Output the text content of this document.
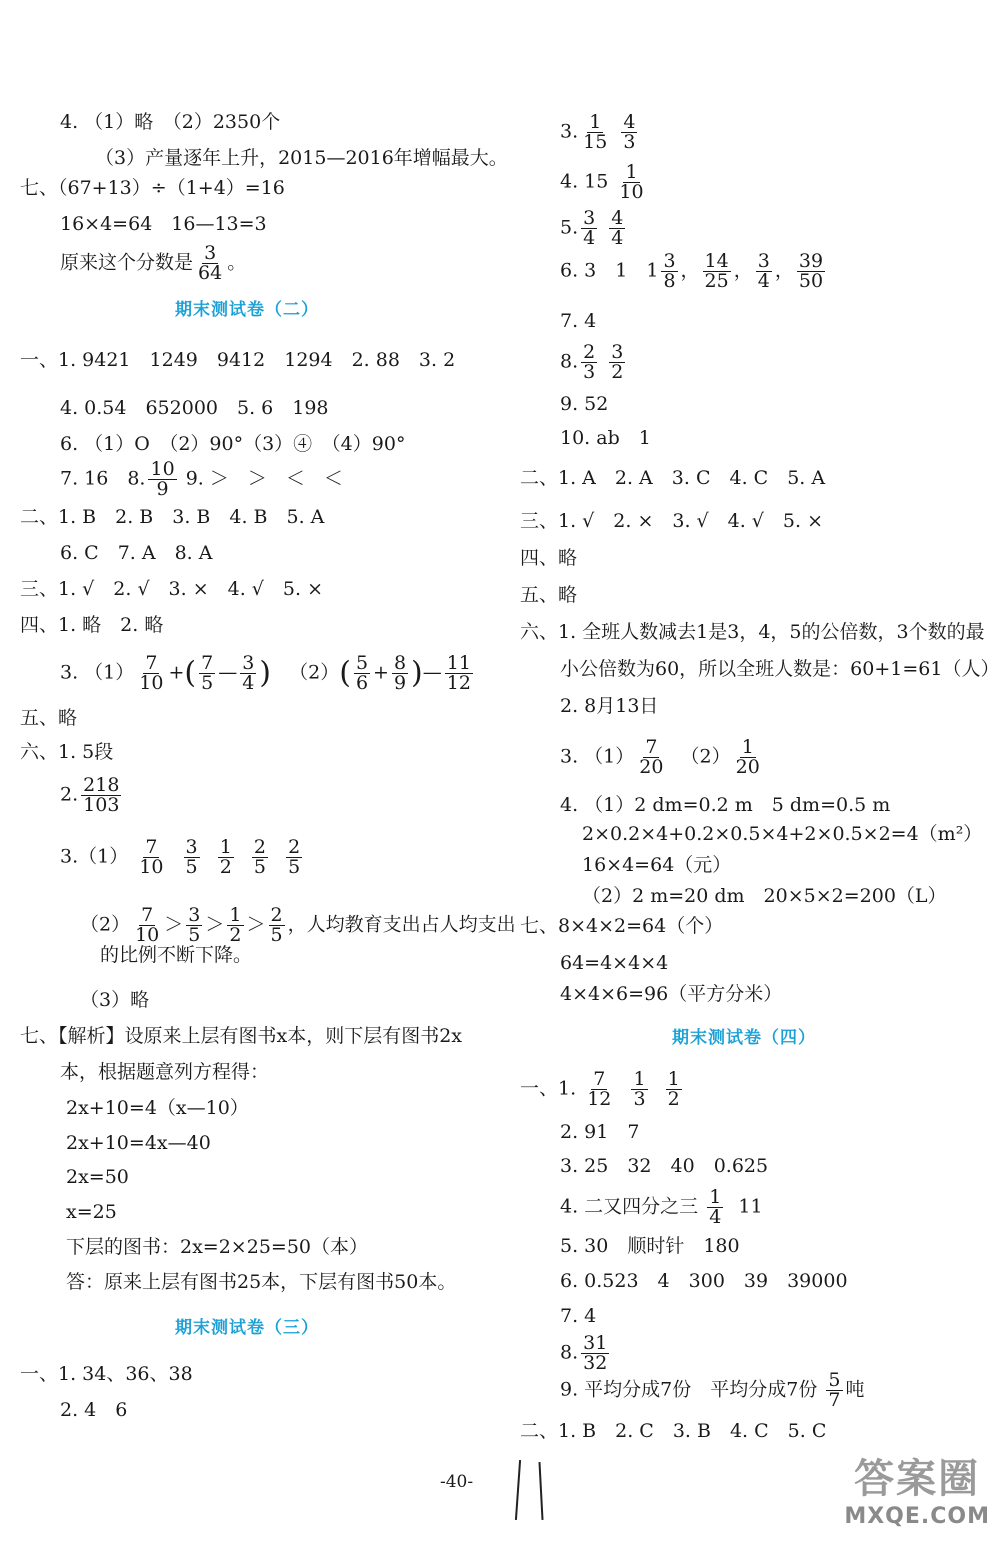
4. （1）略　（2）2350个
（3）产量逐年上升，2015—2016年增幅最大。
七、（67+13）÷（1+4）=16
16×4=64　16—13=3
原来这个分数是 $\frac{3}{64}$ 。
期末测试卷（二）
一、1. 9421　1249　9412　1294　2. 88　3. 2
4. 0.54　652000　5. 6　198
6. （1）O　（2）90°（3）④　（4）90°
7. 16　8. $\frac{10}{9} 9$. ＞　＞　＜　＜
二、1. B　2. B　3. B　4. B　5. A
6. C　7. A　8. A
三、1. √　2. √　3. ×　4. √　5. ×
四、1. 略　2. 略
3. $(1) \frac{7}{10}$ +( $\frac{7}{5}$ — $\frac{3}{4}$ ) $(2)( \frac{5}{6} + \frac{8}{9}$ )— $\frac{11}{12}$
五、略
六、1. 5段
2. $\frac{218}{103}$
$3.(1) \frac{7}{10}$
$\frac{3}{5}$
$\frac{1}{2}$
$\frac{2}{5}$
$\frac{2}{5}$
$(2) \frac{7}{10} > \frac{3}{5} > \frac{1}{2} > \frac{2}{5}$ ，人均教育支出占人均支出
的比例不断下降。
（3）略
七、【解析】设原来上层有图书x本，则下层有图书2x
本，根据题意列方程得：
2x+10=4（x—10）
2x+10=4x—40
2x=50
x=25
下层的图书：2x=2×25=50（本）
答：原来上层有图书25本，下层有图书50本。
期末测试卷（三）
一、1. 34、36、38
2. 4　6
3. $\frac{1}{15}$
$\frac{4}{3}$
4. $15 \frac{1}{10}$
5. $\frac{3}{4}$
$\frac{4}{4}$
6. 3　1　$1 \frac{3}{8}$ ， $\frac{14}{25}$ ， $\frac{3}{4}$ ， $\frac{39}{50}$
7. 4
8. $\frac{2}{3}$
$\frac{3}{2}$
9. 52
10. ab　1
二、1. A　2. A　3. C　4. C　5. A
三、1. √　2. ×　3. √　4. √　5. ×
四、略
五、略
六、1. 全班人数减去1是3，4，5的公倍数，3个数的最
小公倍数为60，所以全班人数是：60+1=61（人）
2. 8月13日
3. $(1) \frac{7}{20} (2) \frac{1}{20}$
4. （1）2 dm=0.2 m　5 dm=0.5 m
2×0.2×4+0.2×0.5×4+2×0.5×2=4（m²）
16×4=64（元）
（2）2 m=20 dm　20×5×2=200（L）
七、8×4×2=64（个）
64=4×4×4
4×4×6=96（平方分米）
期末测试卷（四）
一、1. $\frac{7}{12}$
$\frac{1}{3}$
$\frac{1}{2}$
2. 91　7
3. 25　32　40　0.625
4. 二又四分之三 $\frac{1}{4} 11$
5. 30　顺时针　180
6. 0.523　4　300　39　39000
7. 4
8. $\frac{31}{32}$
9. 平均分成7份　平均分成7份 $\frac{5}{7}$ 吨
二、1. B　2. C　3. B　4. C　5. C
-40-	答案圈
MXQE.COM
